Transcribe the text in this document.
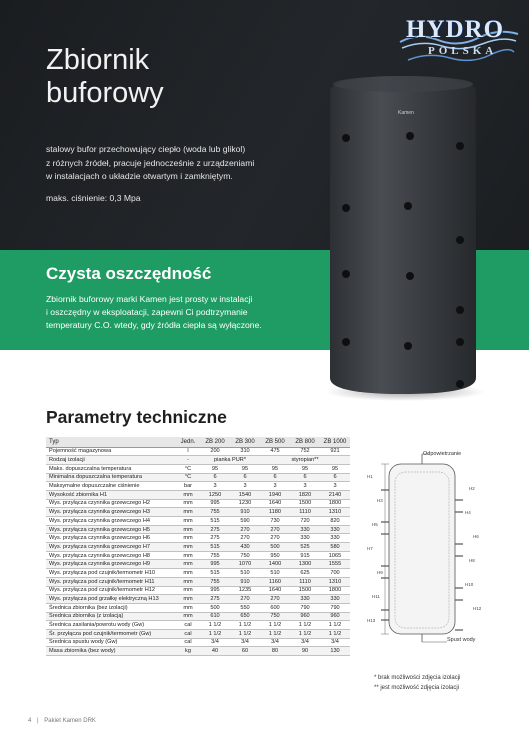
Zbiornik
buforowy

stalowy bufor przechowujący ciepło (woda lub glikol)
z różnych źródeł, pracuje jednocześnie z urządzeniami
w instalacjach o układzie otwartym i zamkniętym.

maks. ciśnienie: 0,3 Mpa

HYDRO
POLSKA
Czysta oszczędność

Zbiornik buforowy marki Kamen jest prosty w instalacji
i oszczędny w eksploatacji, zapewni Ci podtrzymanie
temperatury C.O. wtedy, gdy źródła ciepła są wyłączone.

Kamen
Parametry techniczne
Typ	Jedn.	ZB 200	ZB 300	ZB 500	ZB 800	ZB 1000
Pojemność magazynowa	l	200	310	475	752	921
Rodzaj izolacji	-	pianka PUR*		styropian**		
Maks. dopuszczalna temperatura	°C	95	95	95	95	95
Minimalna dopuszczalna temperatura	°C	6	6	6	6	6
Maksymalne dopuszczalne ciśnienie	bar	3	3	3	3	3
Wysokość zbiornika H1	mm	1250	1540	1940	1820	2140
Wys. przyłącza czynnika grzewczego H2	mm	995	1230	1640	1500	1800
Wys. przyłącza czynnika grzewczego H3	mm	755	910	1180	1110	1310
Wys. przyłącza czynnika grzewczego H4	mm	515	590	730	720	820
Wys. przyłącza czynnika grzewczego H5	mm	275	270	270	330	330
Wys. przyłącza czynnika grzewczego H6	mm	275	270	270	330	330
Wys. przyłącza czynnika grzewczego H7	mm	515	430	500	525	580
Wys. przyłącza czynnika grzewczego H8	mm	755	750	950	915	1065
Wys. przyłącza czynnika grzewczego H9	mm	995	1070	1400	1300	1555
Wys. przyłącza pod czujnik/termometr H10	mm	515	510	510	625	700
Wys. przyłącza pod czujnik/termometr H11	mm	755	910	1160	1110	1310
Wys. przyłącza pod czujnik/termometr H12	mm	995	1235	1640	1500	1800
Wys. przyłącza pod grzałkę elektryczną H13	mm	275	270	270	330	330
Średnica zbiornika (bez izolacji)	mm	500	550	600	790	790
Średnica zbiornika (z izolacją)	mm	610	650	750	960	960
Średnica zasilania/powrotu wody (Gw)	cal	1 1/2	1 1/2	1 1/2	1 1/2	1 1/2
Śr. przyłącza pod czujnik/termometr (Gw)	cal	1 1/2	1 1/2	1 1/2	1 1/2	1 1/2
Średnica spustu wody (Gw)	cal	3/4	3/4	3/4	3/4	3/4
Masa zbiornika (bez wody)	kg	40	60	80	90	130
Odpowietrzanie
Spust wody
H1
H2
H3
H4
H5
H6
H7
H8
H9
H10
H11
H12
H13

* brak możliwości zdjęcia izolacji

** jest możliwość zdjęcia izolacji

4 | Pakiet Kamen DRK
